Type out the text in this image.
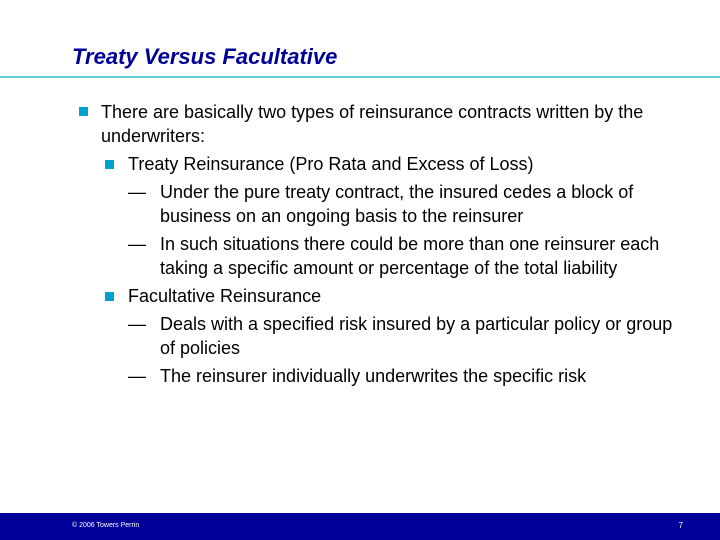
Treaty Versus Facultative
There are basically two types of reinsurance contracts written by the underwriters:
Treaty Reinsurance (Pro Rata and Excess of Loss)
— Under the pure treaty contract, the insured cedes a block of business on an ongoing basis to the reinsurer
— In such situations there could be more than one reinsurer each taking a specific amount or percentage of the total liability
Facultative Reinsurance
— Deals with a specified risk insured by a particular policy or group of policies
— The reinsurer individually underwrites the specific risk
© 2006 Towers Perrin	7
